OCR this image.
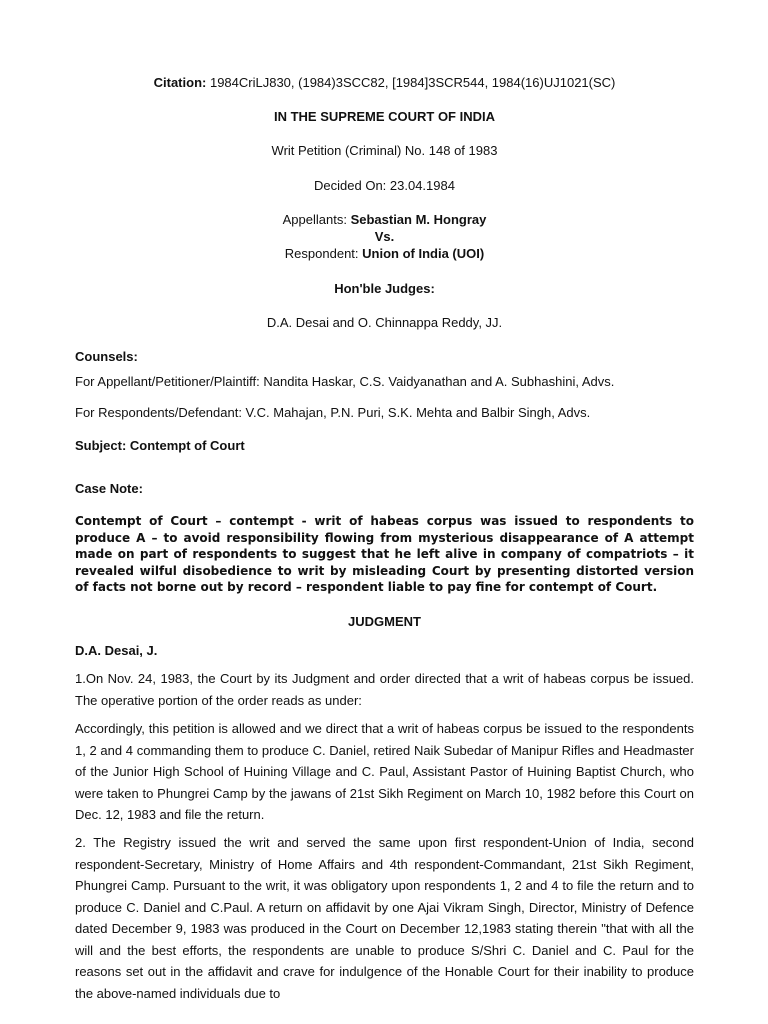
Citation: 1984CriLJ830, (1984)3SCC82, [1984]3SCR544, 1984(16)UJ1021(SC)
IN THE SUPREME COURT OF INDIA
Writ Petition (Criminal) No. 148 of 1983
Decided On: 23.04.1984
Appellants: Sebastian M. Hongray
Vs.
Respondent: Union of India (UOI)
Hon'ble Judges:
D.A. Desai and O. Chinnappa Reddy, JJ.
Counsels:
For Appellant/Petitioner/Plaintiff: Nandita Haskar, C.S. Vaidyanathan and A. Subhashini, Advs.
For Respondents/Defendant: V.C. Mahajan, P.N. Puri, S.K. Mehta and Balbir Singh, Advs.
Subject: Contempt of Court
Case Note:
Contempt of Court – contempt - writ of habeas corpus was issued to respondents to produce A – to avoid responsibility flowing from mysterious disappearance of A attempt made on part of respondents to suggest that he left alive in company of compatriots – it revealed wilful disobedience to writ by misleading Court by presenting distorted version of facts not borne out by record – respondent liable to pay fine for contempt of Court.
JUDGMENT
D.A. Desai, J.
1.On Nov. 24, 1983, the Court by its Judgment and order directed that a writ of habeas corpus be issued. The operative portion of the order reads as under:
Accordingly, this petition is allowed and we direct that a writ of habeas corpus be issued to the respondents 1, 2 and 4 commanding them to produce C. Daniel, retired Naik Subedar of Manipur Rifles and Headmaster of the Junior High School of Huining Village and C. Paul, Assistant Pastor of Huining Baptist Church, who were taken to Phungrei Camp by the jawans of 21st Sikh Regiment on March 10, 1982 before this Court on Dec. 12, 1983 and file the return.
2. The Registry issued the writ and served the same upon first respondent-Union of India, second respondent-Secretary, Ministry of Home Affairs and 4th respondent-Commandant, 21st Sikh Regiment, Phungrei Camp. Pursuant to the writ, it was obligatory upon respondents 1, 2 and 4 to file the return and to produce C. Daniel and C.Paul. A return on affidavit by one Ajai Vikram Singh, Director, Ministry of Defence dated December 9, 1983 was produced in the Court on December 12,1983 stating therein "that with all the will and the best efforts, the respondents are unable to produce S/Shri C. Daniel and C. Paul for the reasons set out in the affidavit and crave for indulgence of the Honable Court for their inability to produce the above-named individuals due to
